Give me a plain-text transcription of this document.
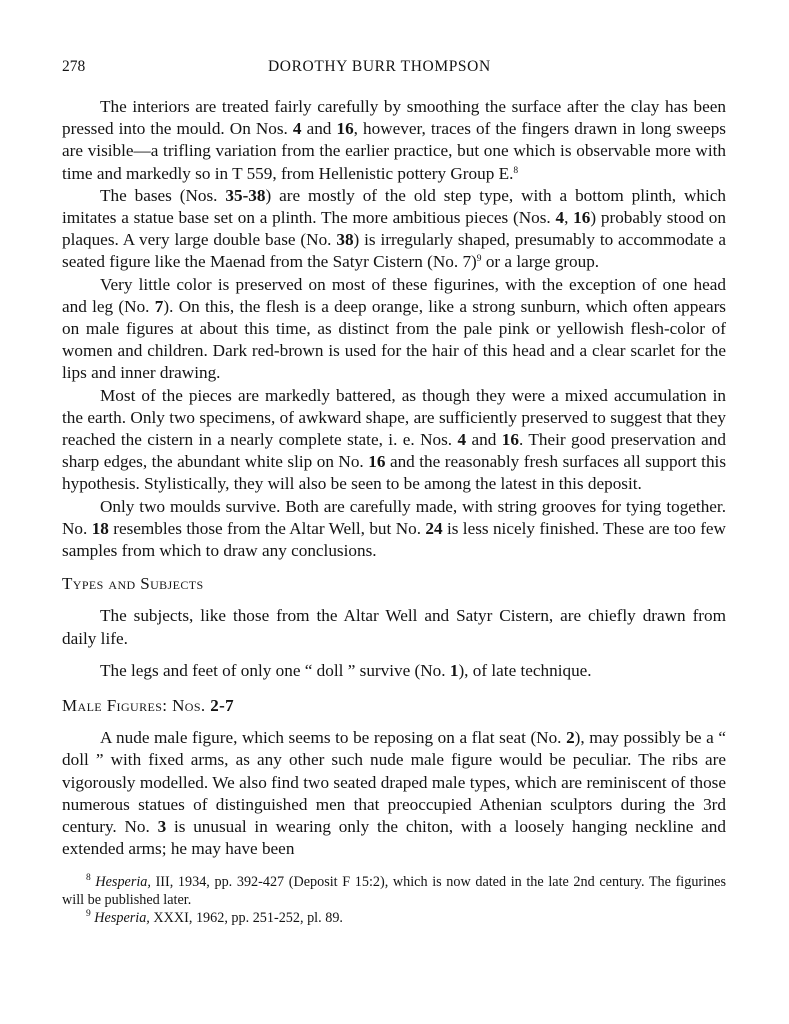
278	DOROTHY BURR THOMPSON

The interiors are treated fairly carefully by smoothing the surface after the clay has been pressed into the mould. On Nos. 4 and 16, however, traces of the fingers drawn in long sweeps are visible—a trifling variation from the earlier practice, but one which is observable more with time and markedly so in T 559, from Hellenistic pottery Group E.$^8$

The bases (Nos. 35-38) are mostly of the old step type, with a bottom plinth, which imitates a statue base set on a plinth. The more ambitious pieces (Nos. 4, 16) probably stood on plaques. A very large double base (No. 38) is irregularly shaped, presumably to accommodate a seated figure like the Maenad from the Satyr Cistern (No. 7)$^9$ or a large group.

Very little color is preserved on most of these figurines, with the exception of one head and leg (No. 7). On this, the flesh is a deep orange, like a strong sunburn, which often appears on male figures at about this time, as distinct from the pale pink or yellowish flesh-color of women and children. Dark red-brown is used for the hair of this head and a clear scarlet for the lips and inner drawing.

Most of the pieces are markedly battered, as though they were a mixed accumulation in the earth. Only two specimens, of awkward shape, are sufficiently preserved to suggest that they reached the cistern in a nearly complete state, i. e. Nos. 4 and 16. Their good preservation and sharp edges, the abundant white slip on No. 16 and the reasonably fresh surfaces all support this hypothesis. Stylistically, they will also be seen to be among the latest in this deposit.

Only two moulds survive. Both are carefully made, with string grooves for tying together. No. 18 resembles those from the Altar Well, but No. 24 is less nicely finished. These are too few samples from which to draw any conclusions.

Types and Subjects

The subjects, like those from the Altar Well and Satyr Cistern, are chiefly drawn from daily life.

The legs and feet of only one “ doll ” survive (No. 1), of late technique.

Male Figures: Nos. 2-7

A nude male figure, which seems to be reposing on a flat seat (No. 2), may possibly be a “ doll ” with fixed arms, as any other such nude male figure would be peculiar. The ribs are vigorously modelled. We also find two seated draped male types, which are reminiscent of those numerous statues of distinguished men that preoccupied Athenian sculptors during the 3rd century. No. 3 is unusual in wearing only the chiton, with a loosely hanging neckline and extended arms; he may have been

$^8$ Hesperia, III, 1934, pp. 392-427 (Deposit F 15:2), which is now dated in the late 2nd century. The figurines will be published later.

$^9$ Hesperia, XXXI, 1962, pp. 251-252, pl. 89.
